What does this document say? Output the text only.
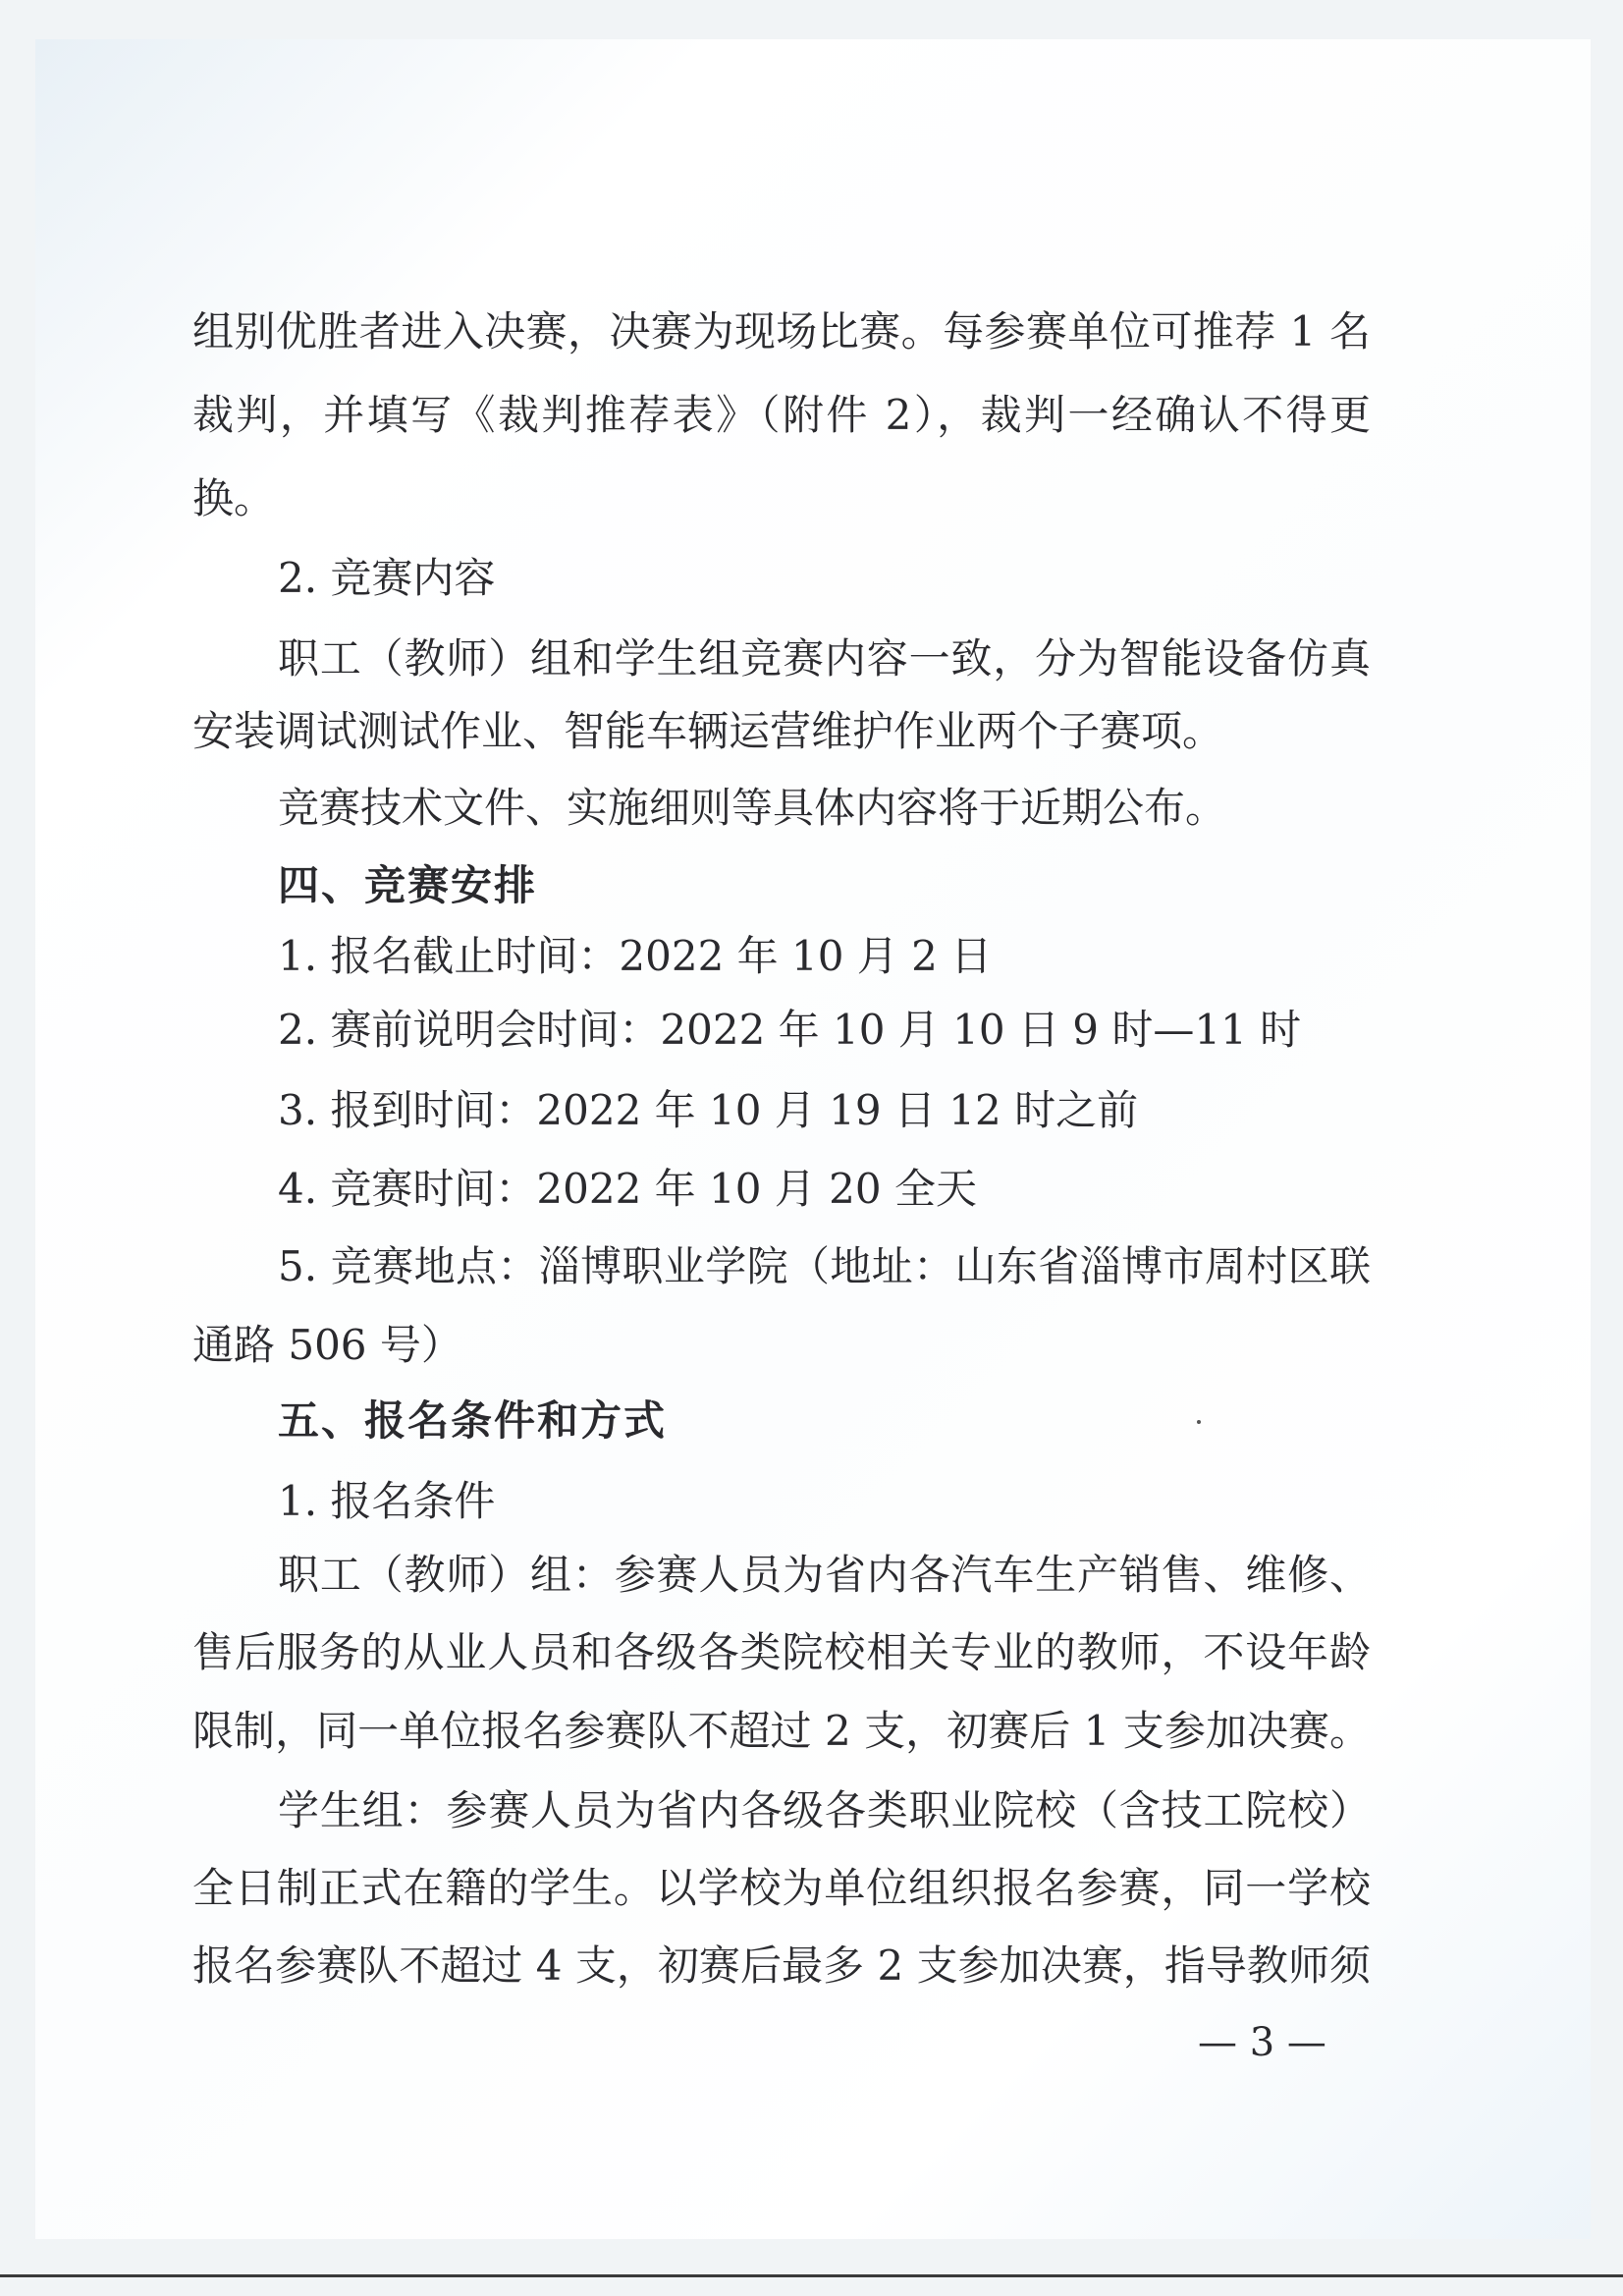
组别优胜者进入决赛，决赛为现场比赛。每参赛单位可推荐 1 名
裁判，并填写《裁判推荐表》（附件 2），裁判一经确认不得更
换。
2. 竞赛内容
职工（教师）组和学生组竞赛内容一致，分为智能设备仿真
安装调试测试作业、智能车辆运营维护作业两个子赛项。
竞赛技术文件、实施细则等具体内容将于近期公布。
四、竞赛安排
1. 报名截止时间：2022 年 10 月 2 日
2. 赛前说明会时间：2022 年 10 月 10 日 9 时—11 时
3. 报到时间：2022 年 10 月 19 日 12 时之前
4. 竞赛时间：2022 年 10 月 20 全天
5. 竞赛地点：淄博职业学院（地址：山东省淄博市周村区联
通路 506 号）
五、报名条件和方式
1. 报名条件
职工（教师）组：参赛人员为省内各汽车生产销售、维修、
售后服务的从业人员和各级各类院校相关专业的教师，不设年龄
限制，同一单位报名参赛队不超过 2 支，初赛后 1 支参加决赛。
学生组：参赛人员为省内各级各类职业院校（含技工院校）
全日制正式在籍的学生。以学校为单位组织报名参赛，同一学校
报名参赛队不超过 4 支，初赛后最多 2 支参加决赛，指导教师须
— 3 —
